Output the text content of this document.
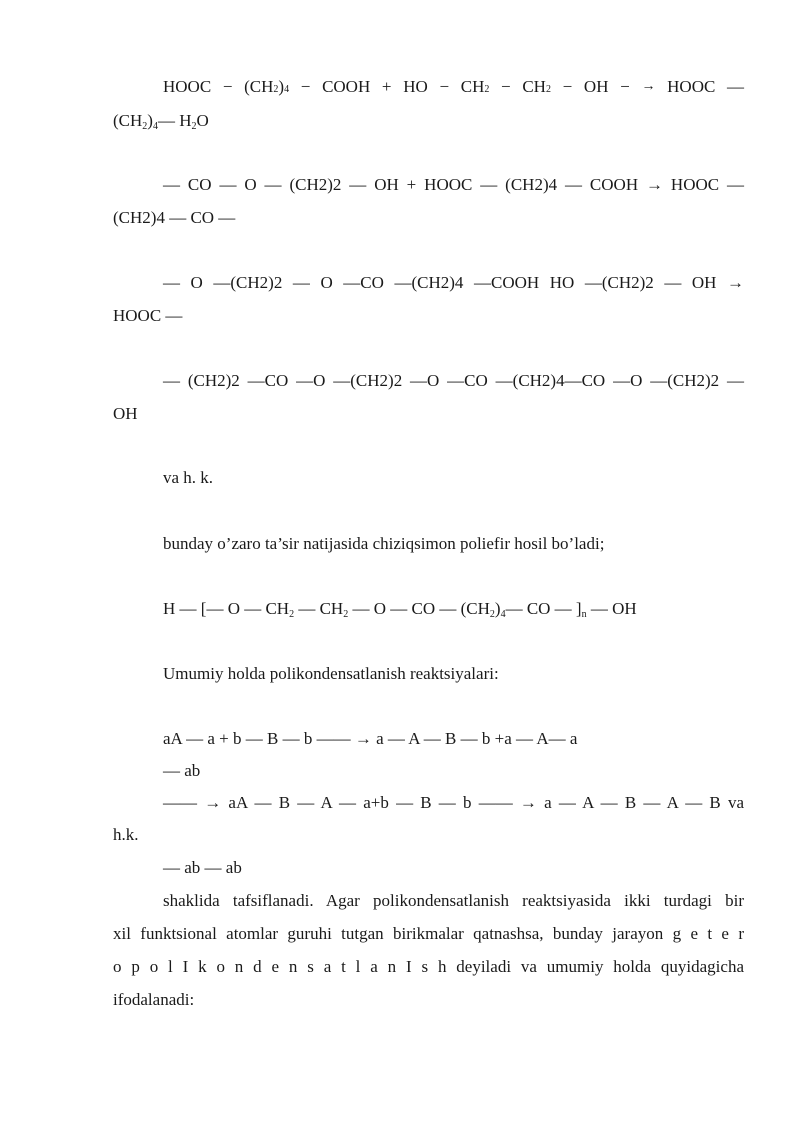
HOOC − (CH 2 ) 4 − COOH + HO − CH 2 − CH 2 − OH − → HOOC —
$(CH_2)_4—$ $H_2O$
— CO — O — (CH2)2 — OH + HOOC — (CH2)4 — COOH → HOOC —
(CH2)4 — CO —
— O —(CH2)2 — O —CO —(CH2)4 —COOH HO —(CH2)2 — OH →
HOOC —
— (CH2)2 —CO —O —(CH2)2 —O —CO —(CH2)4—CO —O —(CH2)2 —
OH
va h. k.
bunday o’zaro ta’sir natijasida chiziqsimon poliefir hosil bo’ladi;
H — [— O — $CH_2$ — $CH_2$ — O — CO — $(CH_2)_4—$ CO — ]$_n$ — OH
Umumiy holda polikondensatlanish reaktsiyalari:
aA — a + b — B — b —— → a — A — B — b +a — A— a
— ab
—— → aA — B — A — a+b — B — b —— → a — A — B — A — B va
h.k.
— ab — ab
shaklida tafsiflanadi. Agar polikondensatlanish reaktsiyasida ikki turdagi bir
xil funktsional atomlar guruhi tutgan birikmalar qatnashsa, bunday jarayon g e t e r
o p o l I k o n d e n s a t l a n I s h deyiladi va umumiy holda quyidagicha
ifodalanadi:
